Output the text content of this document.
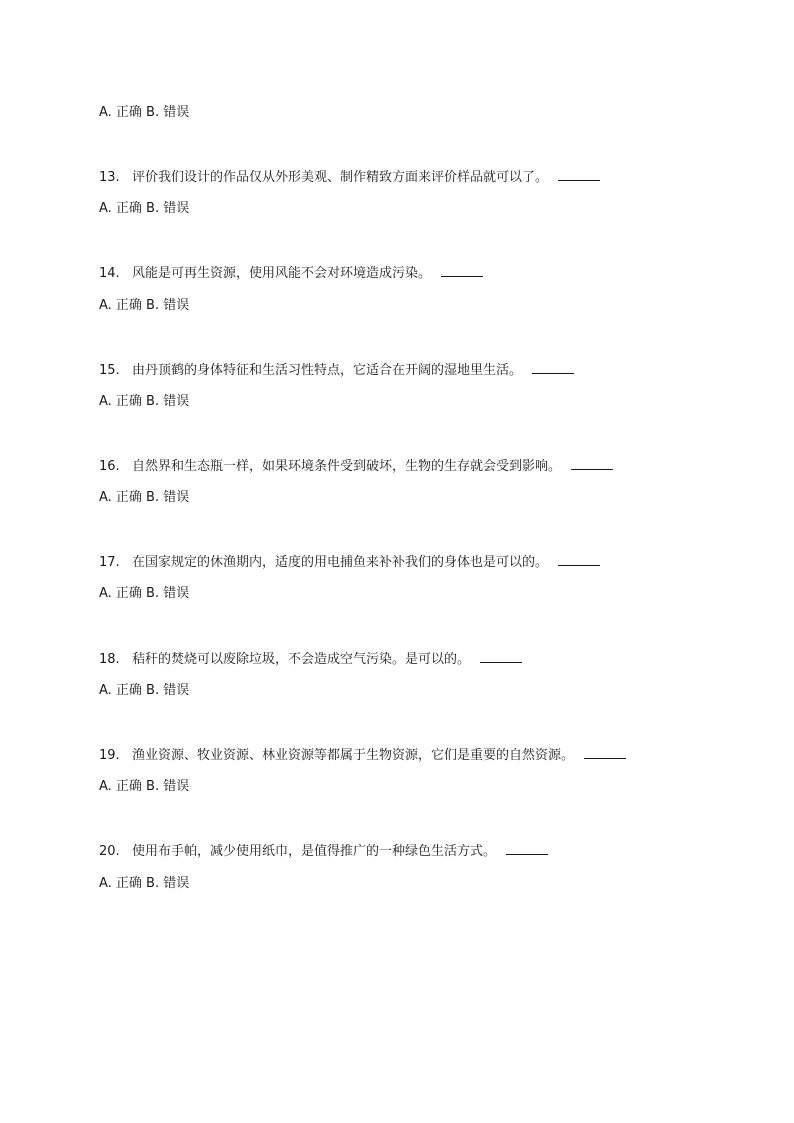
A. 正确 B. 错误
13. 评价我们设计的作品仅从外形美观、制作精致方面来评价样品就可以了。
A. 正确 B. 错误
14. 风能是可再生资源，使用风能不会对环境造成污染。
A. 正确 B. 错误
15. 由丹顶鹤的身体特征和生活习性特点，它适合在开阔的湿地里生活。
A. 正确 B. 错误
16. 自然界和生态瓶一样，如果环境条件受到破坏，生物的生存就会受到影响。
A. 正确 B. 错误
17. 在国家规定的休渔期内，适度的用电捕鱼来补补我们的身体也是可以的。
A. 正确 B. 错误
18. 秸秆的焚烧可以废除垃圾，不会造成空气污染。是可以的。
A. 正确 B. 错误
19. 渔业资源、牧业资源、林业资源等都属于生物资源，它们是重要的自然资源。
A. 正确 B. 错误
20. 使用布手帕，减少使用纸巾，是值得推广的一种绿色生活方式。
A. 正确 B. 错误
